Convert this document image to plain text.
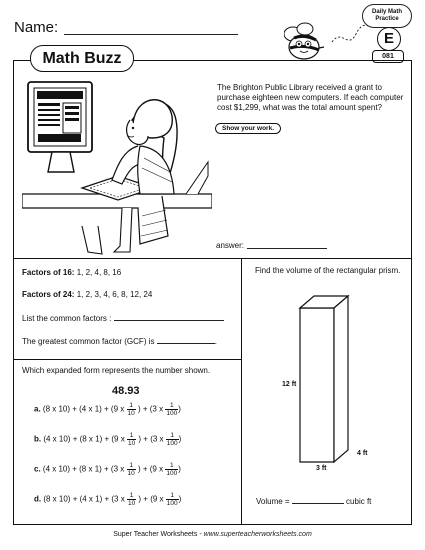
Name:
Daily Math
Practice
E
081
Math Buzz
The Brighton Public Library received a grant to purchase eighteen new computers. If each computer cost $1,299, what was the total amount spent?
Show your work.
answer:
Factors of 16: 1, 2, 4, 8, 16
Factors of 24: 1, 2, 3, 4, 6, 8, 12, 24
List the common factors :
The greatest common factor (GCF) is	.
Find the volume of the rectangular prism.
12 ft
4 ft
3 ft
Volume =	cubic ft
Which expanded form represents the number shown.
48.93
a. (8 x 10) + (4 x 1) + (9 x $\frac{1}{10}$ ) + (3 x $\frac{1}{100}$ )
b. (4 x 10) + (8 x 1) + (9 x $\frac{1}{10}$ ) + (3 x $\frac{1}{100}$ )
c. (4 x 10) + (8 x 1) + (3 x $\frac{1}{10}$ ) + (9 x $\frac{1}{100}$ )
d. (8 x 10) + (4 x 1) + (3 x $\frac{1}{10}$ ) + (9 x $\frac{1}{100}$ )
Super Teacher Worksheets - www.superteacherworksheets.com
